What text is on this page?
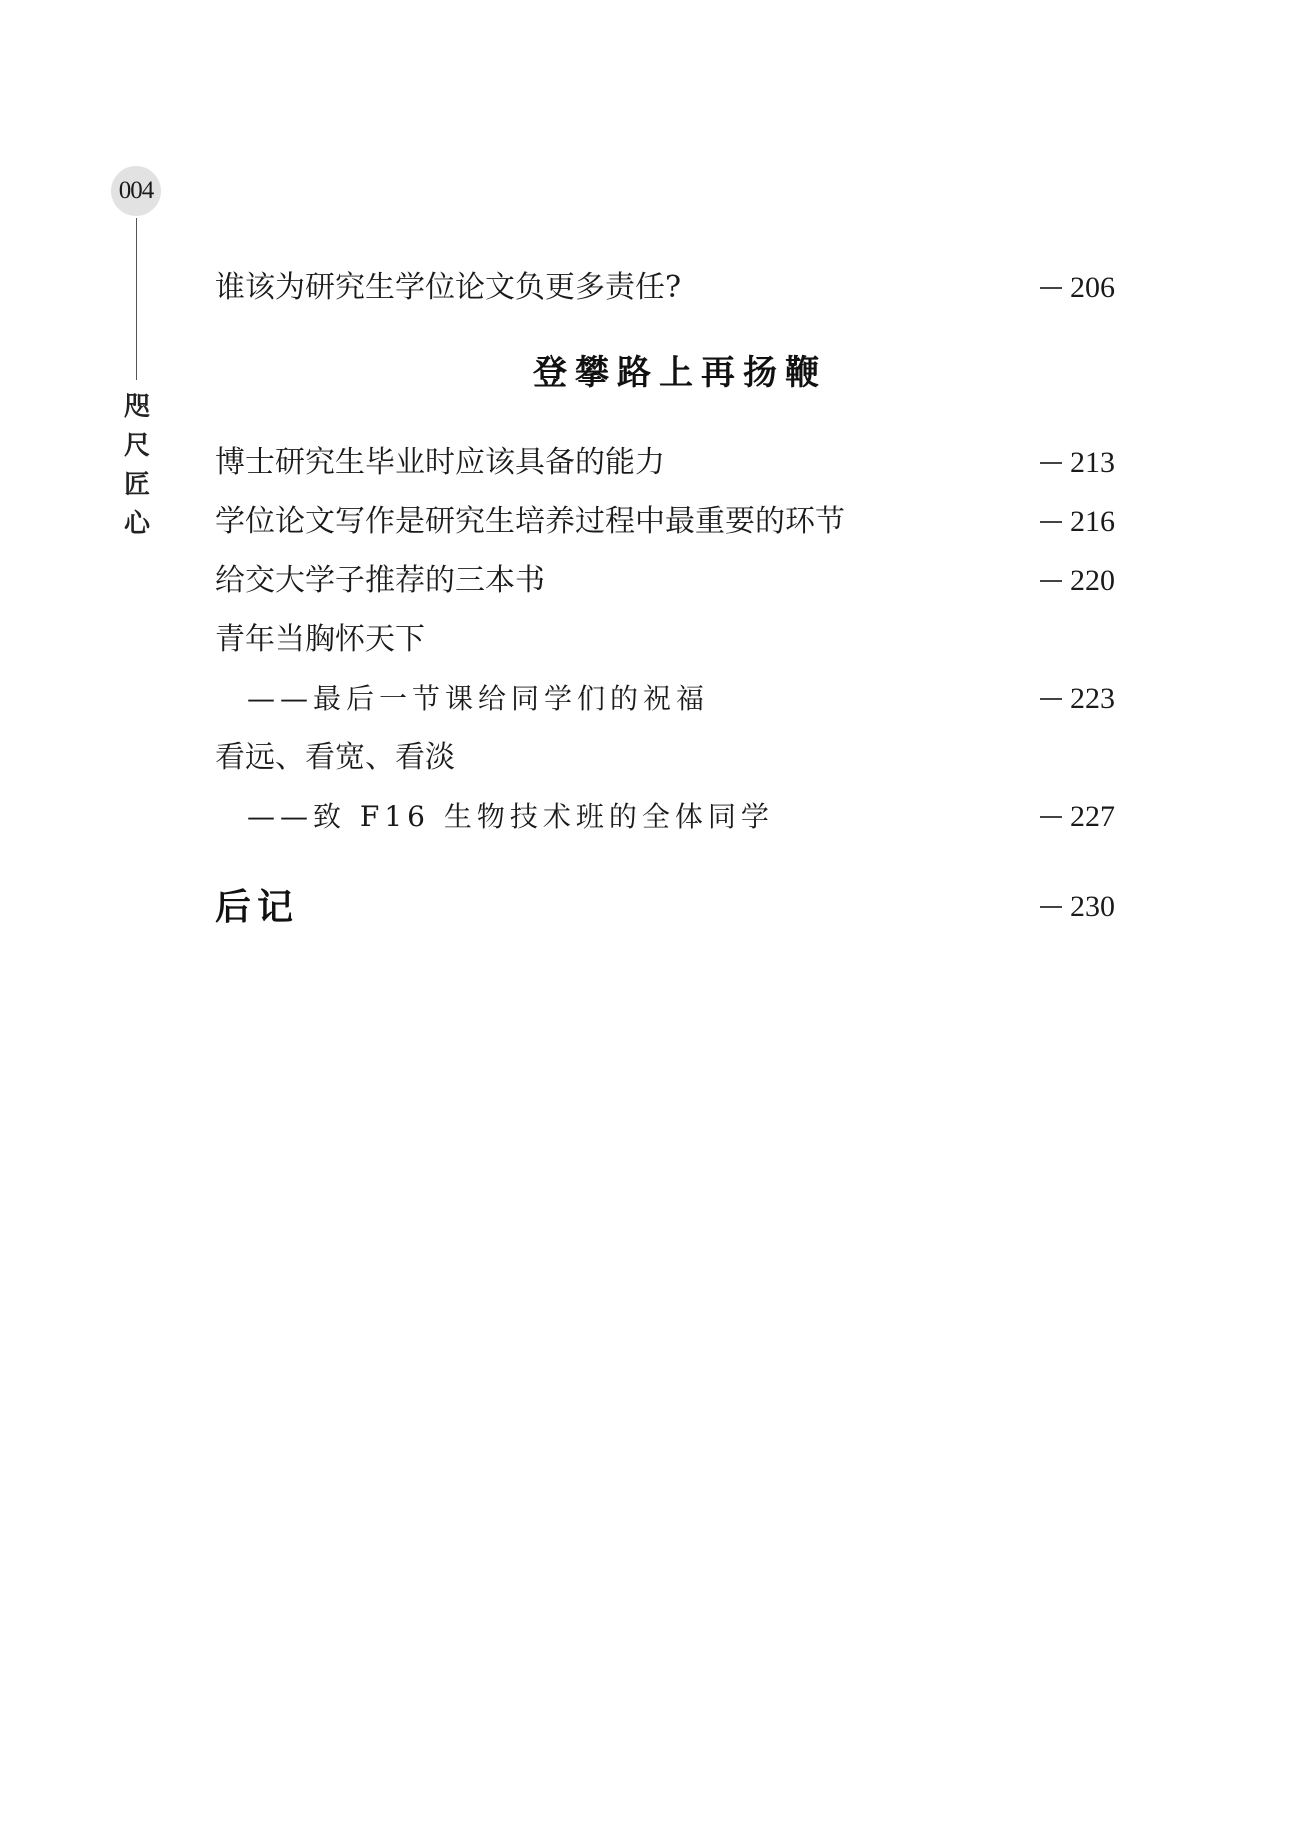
004
咫
尺
匠
心
谁该为研究生学位论文负更多责任?	206
登攀路上再扬鞭
博士研究生毕业时应该具备的能力	213
学位论文写作是研究生培养过程中最重要的环节	216
给交大学子推荐的三本书	220
青年当胸怀天下
——最后一节课给同学们的祝福	223
看远、看宽、看淡
——致 F16 生物技术班的全体同学	227
后记	230
